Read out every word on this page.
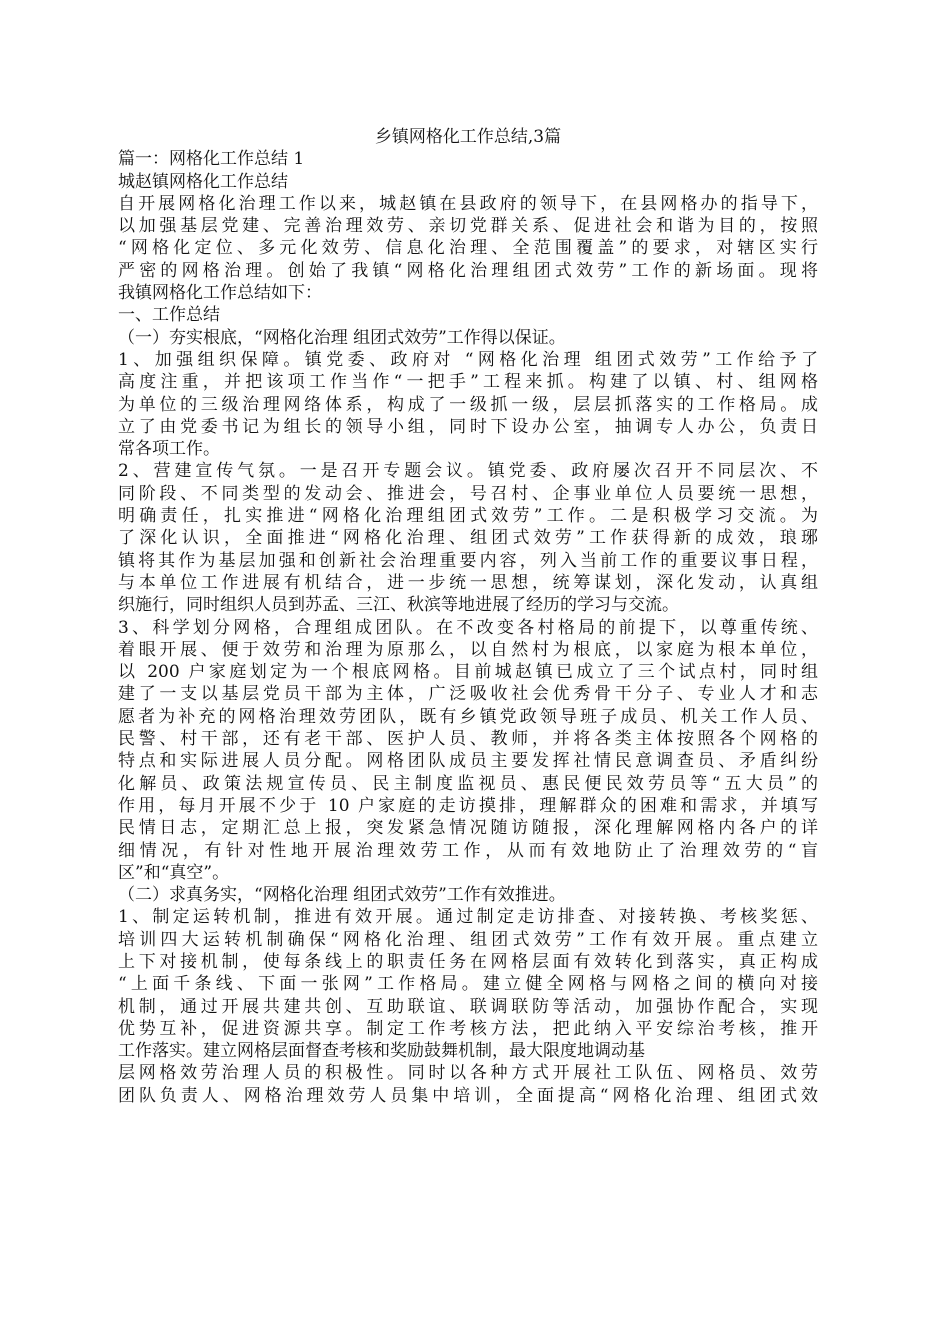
乡镇网格化工作总结,3篇
篇一：网格化工作总结 1
城赵镇网格化工作总结
自开展网格化治理工作以来，城赵镇在县政府的领导下，在县网格办的指导下，
以加强基层党建、完善治理效劳、亲切党群关系、促进社会和谐为目的，按照
“网格化定位、多元化效劳、信息化治理、全范围覆盖”的要求，对辖区实行
严密的网格治理。创始了我镇“网格化治理组团式效劳”工作的新场面。现将
我镇网格化工作总结如下：
一、工作总结
（一）夯实根底，“网格化治理 组团式效劳”工作得以保证。
1、加强组织保障。镇党委、政府对 “网格化治理 组团式效劳”工作给予了
高度注重，并把该项工作当作“一把手”工程来抓。构建了以镇、村、组网格
为单位的三级治理网络体系，构成了一级抓一级，层层抓落实的工作格局。成
立了由党委书记为组长的领导小组，同时下设办公室，抽调专人办公，负责日
常各项工作。
2、营建宣传气氛。一是召开专题会议。镇党委、政府屡次召开不同层次、不
同阶段、不同类型的发动会、推进会，号召村、企事业单位人员要统一思想，
明确责任，扎实推进“网格化治理组团式效劳”工作。二是积极学习交流。为
了深化认识，全面推进“网格化治理、组团式效劳”工作获得新的成效，琅琊
镇将其作为基层加强和创新社会治理重要内容，列入当前工作的重要议事日程，
与本单位工作进展有机结合，进一步统一思想，统筹谋划，深化发动，认真组
织施行，同时组织人员到苏孟、三江、秋滨等地进展了经历的学习与交流。
3、科学划分网格，合理组成团队。在不改变各村格局的前提下，以尊重传统、
着眼开展、便于效劳和治理为原那么，以自然村为根底，以家庭为根本单位，
以 200 户家庭划定为一个根底网格。目前城赵镇已成立了三个试点村，同时组
建了一支以基层党员干部为主体，广泛吸收社会优秀骨干分子、专业人才和志
愿者为补充的网格治理效劳团队，既有乡镇党政领导班子成员、机关工作人员、
民警、村干部，还有老干部、医护人员、教师，并将各类主体按照各个网格的
特点和实际进展人员分配。网格团队成员主要发挥社情民意调查员、矛盾纠纷
化解员、政策法规宣传员、民主制度监视员、惠民便民效劳员等“五大员”的
作用，每月开展不少于 10 户家庭的走访摸排，理解群众的困难和需求，并填写
民情日志，定期汇总上报，突发紧急情况随访随报，深化理解网格内各户的详
细情况，有针对性地开展治理效劳工作，从而有效地防止了治理效劳的“盲
区”和“真空”。
（二）求真务实，“网格化治理 组团式效劳”工作有效推进。
1、制定运转机制，推进有效开展。通过制定走访排查、对接转换、考核奖惩、
培训四大运转机制确保“网格化治理、组团式效劳”工作有效开展。重点建立
上下对接机制，使每条线上的职责任务在网格层面有效转化到落实，真正构成
“上面千条线、下面一张网”工作格局。建立健全网格与网格之间的横向对接
机制，通过开展共建共创、互助联谊、联调联防等活动，加强协作配合，实现
优势互补，促进资源共享。制定工作考核方法，把此纳入平安综治考核，推开
工作落实。建立网格层面督查考核和奖励鼓舞机制，最大限度地调动基
层网格效劳治理人员的积极性。同时以各种方式开展社工队伍、网格员、效劳
团队负责人、网格治理效劳人员集中培训，全面提高“网格化治理、组团式效
